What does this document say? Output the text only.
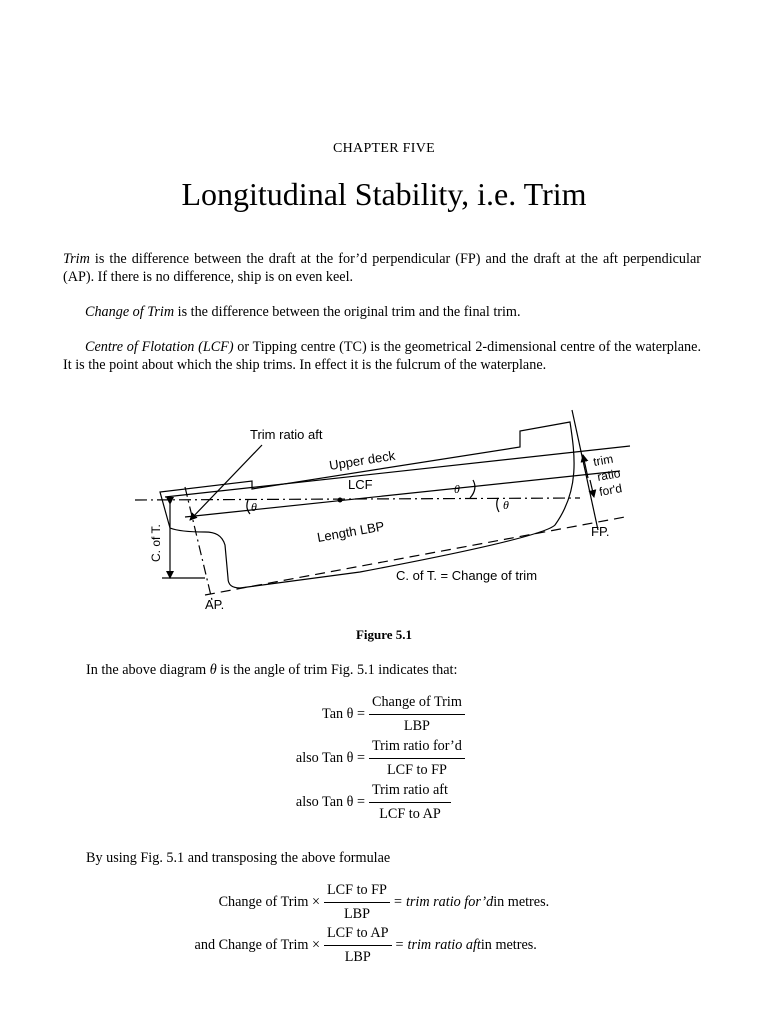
CHAPTER FIVE
Longitudinal Stability, i.e. Trim
Trim is the difference between the draft at the for’d perpendicular (FP) and the draft at the aft perpendicular (AP). If there is no difference, ship is on even keel.
Change of Trim is the difference between the original trim and the final trim.
Centre of Flotation (LCF) or Tipping centre (TC) is the geometrical 2-dimensional centre of the waterplane. It is the point about which the ship trims. In effect it is the fulcrum of the waterplane.
Trim ratio aft
Upper deck
LCF
Length LBP	FP.
C. of T. = Change of trim
AP.
C. of T.
trim
ratio
for'd
θ
θ
θ
Figure 5.1
In the above diagram θ is the angle of trim Fig. 5.1 indicates that:
Tan $\theta = \frac{\text{Change of Trim}}{\text{LBP}}$
also Tan $\theta = \frac{\text{Trim ratio for’d}}{\text{LCF to FP}}$
also Tan $\theta = \frac{\text{Trim ratio aft}}{\text{LCF to AP}}$
By using Fig. 5.1 and transposing the above formulae
Change of Trim × $\frac{\text{LCF to FP}}{\text{LBP}}$ = trim ratio for’d in metres.
and Change of Trim × $\frac{\text{LCF to AP}}{\text{LBP}}$ = trim ratio aft in metres.
